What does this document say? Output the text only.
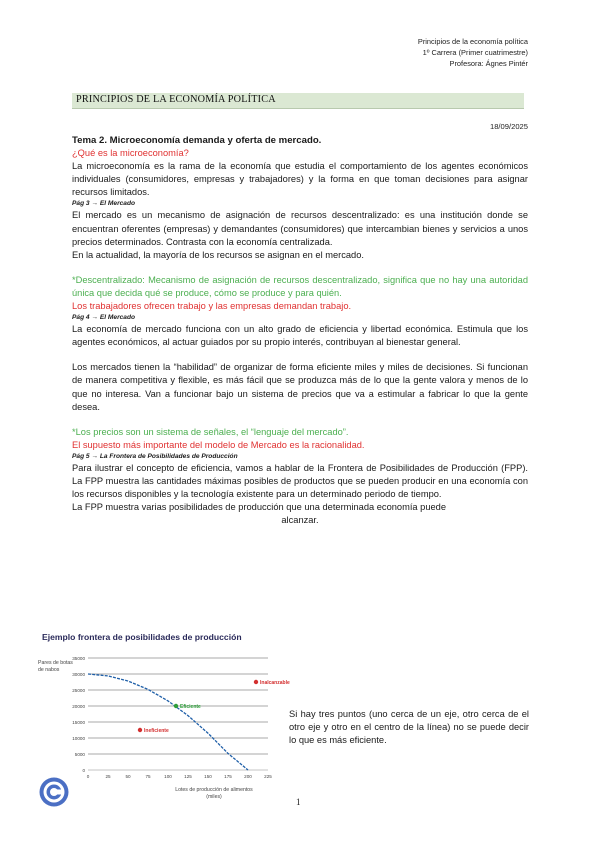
Principios de la economía política
1º Carrera (Primer cuatrimestre)
Profesora: Ágnes Pintér
PRINCIPIOS DE LA ECONOMÍA POLÍTICA
18/09/2025

Tema 2. Microeconomía demanda y oferta de mercado.

¿Qué es la microeconomía?

La microeconomía es la rama de la economía que estudia el comportamiento de los agentes económicos individuales (consumidores, empresas y trabajadores) y la forma en que toman decisiones para asignar recursos limitados.

Pág 3 → El Mercado

El mercado es un mecanismo de asignación de recursos descentralizado: es una institución donde se encuentran oferentes (empresas) y demandantes (consumidores) que intercambian bienes y servicios a unos precios determinados. Contrasta con la economía centralizada.

En la actualidad, la mayoría de los recursos se asignan en el mercado.

*Descentralizado: Mecanismo de asignación de recursos descentralizado, significa que no hay una autoridad única que decida qué se produce, cómo se produce y para quién.

Los trabajadores ofrecen trabajo y las empresas demandan trabajo.

Pág 4 → El Mercado

La economía de mercado funciona con un alto grado de eficiencia y libertad económica. Estimula que los agentes económicos, al actuar guiados por su propio interés, contribuyan al bienestar general.

Los mercados tienen la “habilidad” de organizar de forma eficiente miles y miles de decisiones. Si funcionan de manera competitiva y flexible, es más fácil que se produzca más de lo que la gente valora y menos de lo que no interesa. Van a funcionar bajo un sistema de precios que va a estimular a fabricar lo que la gente desea.

*Los precios son un sistema de señales, el “lenguaje del mercado”.

El supuesto más importante del modelo de Mercado es la racionalidad.

Pág 5 → La Frontera de Posibilidades de Producción

Para ilustrar el concepto de eficiencia, vamos a hablar de la Frontera de Posibilidades de Producción (FPP). La FPP muestra las cantidades máximas posibles de productos que se pueden producir en una economía con los recursos disponibles y la tecnología existente para un determinado periodo de tiempo.

La FPP muestra varias posibilidades de producción que una determinada economía puede

alcanzar.

Ejemplo frontera de posibilidades de producción
Pares de botas
de nabos
0
5000
10000
15000
20000
25000
30000
35000
0	25	50	75	100	125	150	175	200	225
Lotes de producción de alimentos
(miles)
Eficiente
Inalcanzable
Ineficiente
Si hay tres puntos (uno cerca de un eje, otro cerca de el otro eje y otro en el centro de la línea) no se puede decir lo que es más eficiente.
1
